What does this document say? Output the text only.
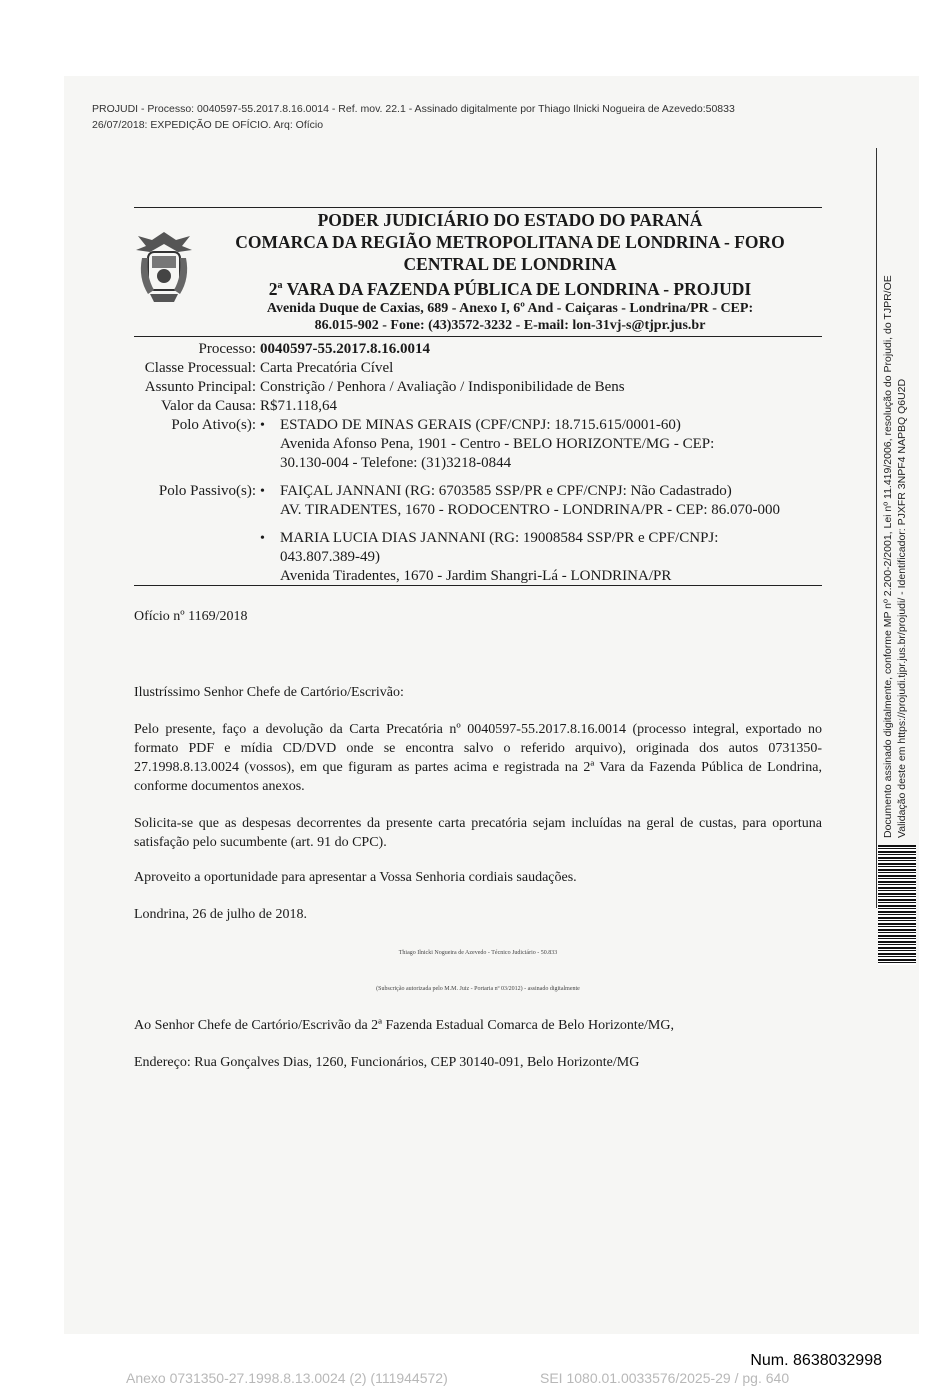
PROJUDI - Processo: 0040597-55.2017.8.16.0014 - Ref. mov. 22.1 - Assinado digitalmente por Thiago Ilnicki Nogueira de Azevedo:50833
26/07/2018: EXPEDIÇÃO DE OFÍCIO. Arq: Ofício
PODER JUDICIÁRIO DO ESTADO DO PARANÁ
COMARCA DA REGIÃO METROPOLITANA DE LONDRINA - FORO
CENTRAL DE LONDRINA
2$^a$ VARA DA FAZENDA PÚBLICA DE LONDRINA - PROJUDI
Avenida Duque de Caxias, 689 - Anexo I, 6º And - Caiçaras - Londrina/PR - CEP:
86.015-902 - Fone: (43)3572-3232 - E-mail: lon-31vj-s@tjpr.jus.br
Processo: 0040597-55.2017.8.16.0014
Classe Processual: Carta Precatória Cível
Assunto Principal: Constrição / Penhora / Avaliação / Indisponibilidade de Bens
Valor da Causa: R$71.118,64
Polo Ativo(s): •	ESTADO DE MINAS GERAIS (CPF/CNPJ: 18.715.615/0001-60)
Avenida Afonso Pena, 1901 - Centro - BELO HORIZONTE/MG - CEP:
30.130-004 - Telefone: (31)3218-0844
Polo Passivo(s): •	FAIÇAL JANNANI (RG: 6703585 SSP/PR e CPF/CNPJ: Não Cadastrado)
AV. TIRADENTES, 1670 - RODOCENTRO - LONDRINA/PR - CEP: 86.070-000
•	MARIA LUCIA DIAS JANNANI (RG: 19008584 SSP/PR e CPF/CNPJ:
043.807.389-49)
Avenida Tiradentes, 1670 - Jardim Shangri-Lá - LONDRINA/PR
Ofício nº 1169/2018
Ilustríssimo Senhor Chefe de Cartório/Escrivão:
Pelo presente, faço a devolução da Carta Precatória nº 0040597-55.2017.8.16.0014 (processo integral, exportado no formato PDF e mídia CD/DVD onde se encontra salvo o referido arquivo), originada dos autos 0731350-27.1998.8.13.0024 (vossos), em que figuram as partes acima e registrada na 2ª Vara da Fazenda Pública de Londrina, conforme documentos anexos.
Solicita-se que as despesas decorrentes da presente carta precatória sejam incluídas na geral de custas, para oportuna satisfação pelo sucumbente (art. 91 do CPC).
Aproveito a oportunidade para apresentar a Vossa Senhoria cordiais saudações.
Londrina, 26 de julho de 2018.
Thiago Ilnicki Nogueira de Azevedo - Técnico Judiciário - 50.833
(Subscrição autorizada pelo M.M. Juiz - Portaria nº 03/2012) - assinado digitalmente
Ao Senhor Chefe de Cartório/Escrivão da 2ª Fazenda Estadual Comarca de Belo Horizonte/MG,
Endereço: Rua Gonçalves Dias, 1260, Funcionários, CEP 30140-091, Belo Horizonte/MG
Documento assinado digitalmente, conforme MP nº 2.200-2/2001, Lei nº 11.419/2006, resolução do Projudi, do TJPR/OE Validação deste em https://projudi.tjpr.jus.br/projudi/ - Identificador: PJXFR 3NPF4 NAPBQ Q6U2D
Num. 8638032998
Anexo 0731350-27.1998.8.13.0024 (2) (111944572)	SEI 1080.01.0033576/2025-29 / pg. 640
